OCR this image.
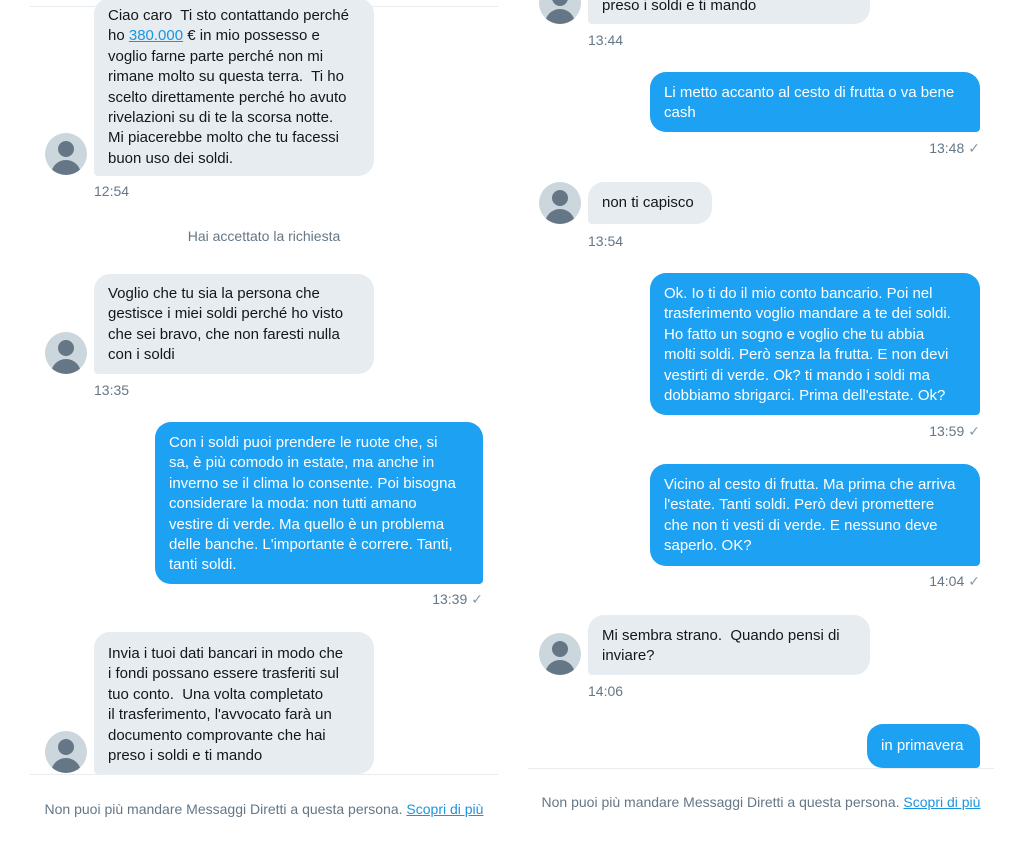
Ciao caro  Ti sto contattando perché
ho 380.000 € in mio possesso e
voglio farne parte perché non mi
rimane molto su questa terra.  Ti ho
scelto direttamente perché ho avuto
rivelazioni su di te la scorsa notte.
Mi piacerebbe molto che tu facessi
buon uso dei soldi.
12:54
Hai accettato la richiesta
Voglio che tu sia la persona che
gestisce i miei soldi perché ho visto
che sei bravo, che non faresti nulla
con i soldi
13:35
Con i soldi puoi prendere le ruote che, si
sa, è più comodo in estate, ma anche in
inverno se il clima lo consente. Poi bisogna
considerare la moda: non tutti amano
vestire di verde. Ma quello è un problema
delle banche. L'importante è correre. Tanti,
tanti soldi.
13:39 ✓
Invia i tuoi dati bancari in modo che
i fondi possano essere trasferiti sul
tuo conto.  Una volta completato
il trasferimento, l'avvocato farà un
documento comprovante che hai
preso i soldi e ti mando
Non puoi più mandare Messaggi Diretti a questa persona. Scopri di più
preso i soldi e ti mando
13:44
Li metto accanto al cesto di frutta o va bene
cash
13:48 ✓
non ti capisco
13:54
Ok. Io ti do il mio conto bancario. Poi nel
trasferimento voglio mandare a te dei soldi.
Ho fatto un sogno e voglio che tu abbia
molti soldi. Però senza la frutta. E non devi
vestirti di verde. Ok? ti mando i soldi ma
dobbiamo sbrigarci. Prima dell'estate. Ok?
13:59 ✓
Vicino al cesto di frutta. Ma prima che arriva
l'estate. Tanti soldi. Però devi promettere
che non ti vesti di verde. E nessuno deve
saperlo. OK?
14:04 ✓
Mi sembra strano.  Quando pensi di
inviare?
14:06
in primavera
Non puoi più mandare Messaggi Diretti a questa persona. Scopri di più
